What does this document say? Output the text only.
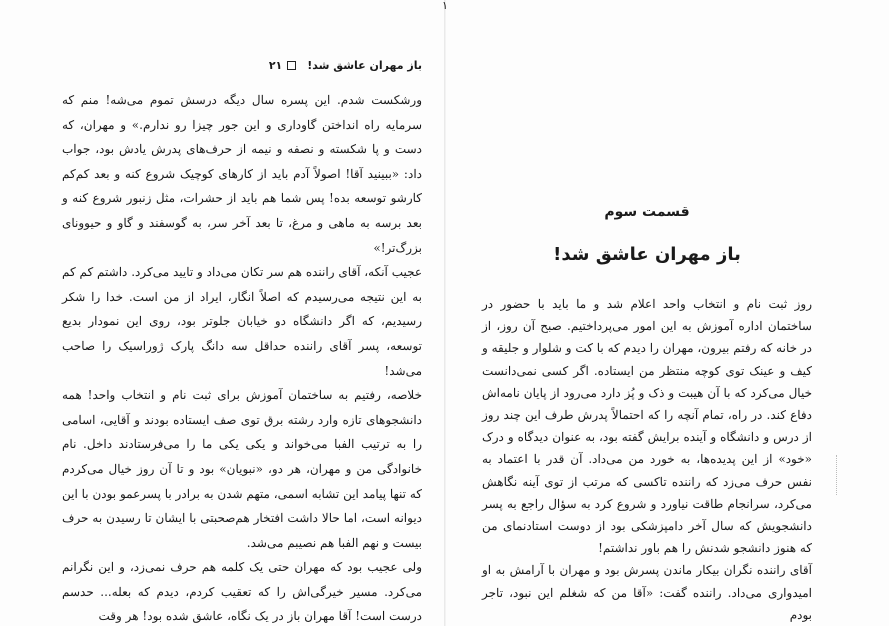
۱
باز مهران عاشق شد!
۲۱

ورشکست شدم. این پسره سال دیگه درسش تموم می‌شه! منم که سرمایه راه انداختن گاوداری و این جور چیزا رو ندارم.» و مهران، که دست و پا شکسته و نصفه و نیمه از حرف‌های پدرش یادش بود، جواب داد: «ببینید آقا! اصولاً آدم باید از کارهای کوچیک شروع کنه و بعد کم‌کم کارشو توسعه بده! پس شما هم باید از حشرات، مثل زنبور شروع کنه و بعد برسه به ماهی و مرغ، تا بعد آخر سر، به گوسفند و گاو و حیوونای بزرگ‌تر!»

عجیب آنکه، آقای راننده هم سر تکان می‌داد و تایید می‌کرد. داشتم کم کم به این نتیجه می‌رسیدم که اصلاً انگار، ایراد از من است. خدا را شکر رسیدیم، که اگر دانشگاه دو خیابان جلوتر بود، روی این نمودار بدیع توسعه، پسر آقای راننده حداقل سه دانگ پارک ژوراسیک را صاحب می‌شد!

خلاصه، رفتیم به ساختمان آموزش برای ثبت نام و انتخاب واحد! همه دانشجوهای تازه وارد رشته برق توی صف ایستاده بودند و آقایی، اسامی را به ترتیب الفبا می‌خواند و یکی یکی ما را می‌فرستادند داخل. نام خانوادگی من و مهران، هر دو، «نبویان» بود و تا آن روز خیال می‌کردم که تنها پیامد این تشابه اسمی، متهم شدن به برادر با پسرعمو بودن با این دیوانه است، اما حالا داشت افتخار هم‌صحبتی با ایشان تا رسیدن به حرف بیست و نهم الفبا هم نصیبم می‌شد.

ولی عجیب بود که مهران حتی یک کلمه هم حرف نمی‌زد، و این نگرانم می‌کرد. مسیر خیرگی‌اش را که تعقیب کردم، دیدم که بعله... حدسم درست است! آقا مهران باز در یک نگاه، عاشق شده بود! هر وقت

قسمت سوم
باز مهران عاشق شد!

روز ثبت نام و انتخاب واحد اعلام شد و ما باید با حضور در ساختمان اداره آموزش به این امور می‌پرداختیم. صبح آن روز، از در خانه که رفتم بیرون، مهران را دیدم که با کت و شلوار و جلیقه و کیف و عینک توی کوچه منتظر من ایستاده. اگر کسی نمی‌دانست خیال می‌کرد که با آن هیبت و ذک و پُز دارد می‌رود از پایان نامه‌اش دفاع کند. در راه، تمام آنچه را که احتمالاً پدرش طرف این چند روز از درس و دانشگاه و آینده برایش گفته بود، به عنوان دیدگاه و درک «خود» از این پدیده‌ها، به خورد من می‌داد. آن قدر با اعتماد به نفس حرف می‌زد که راننده تاکسی که مرتب از توی آینه نگاهش می‌کرد، سرانجام طاقت نیاورد و شروع کرد به سؤال راجع به پسر دانشجویش که سال آخر دامپزشکی بود از دوست استادنمای من که هنوز دانشجو شدنش را هم باور نداشتم!

آقای راننده نگران بیکار ماندن پسرش بود و مهران با آرامش به او امیدواری می‌داد. راننده گفت: «آقا من که شغلم این نبود، تاجر بودم
